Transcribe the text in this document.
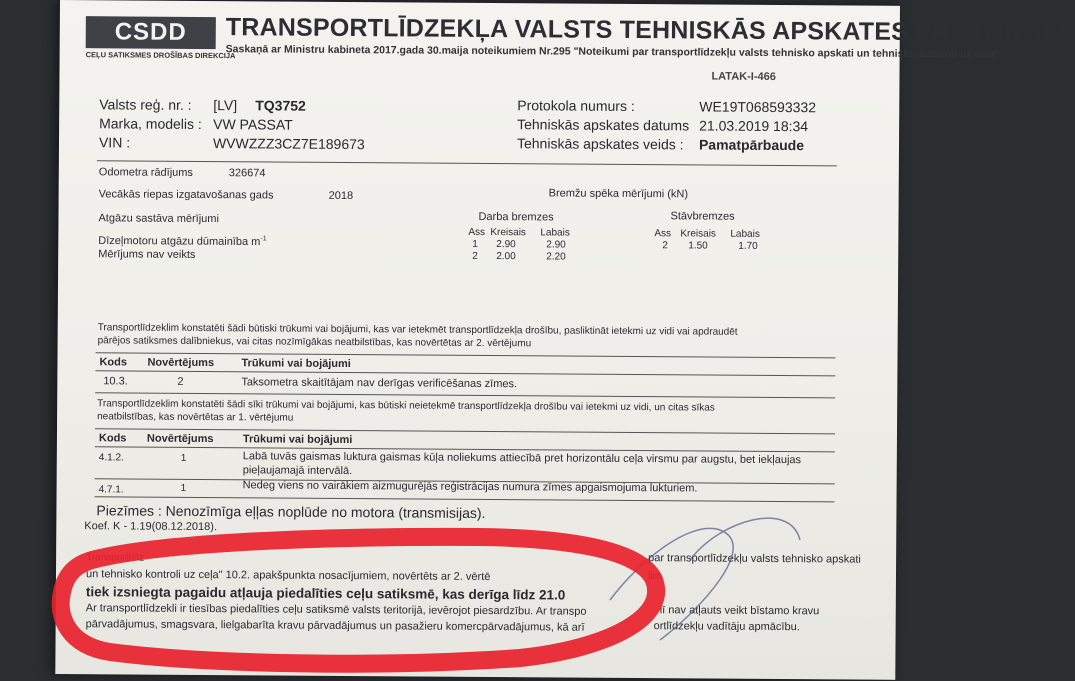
CSDD
CEĻU SATIKSMES DROŠĪBAS DIREKCIJA
TRANSPORTLĪDZEKĻA VALSTS TEHNISKĀS APSKATES PROTOKOLS
Saskaņā ar Ministru kabineta 2017.gada 30.maija noteikumiem Nr.295 "Noteikumi par transportlīdzekļu valsts tehnisko apskati un tehnisko kontroli uz ceļa"
LATAK-I-466
Valsts reģ. nr. : [LV] TQ3752
Marka, modelis : VW PASSAT
VIN :	WVWZZZ3CZ7E189673
Protokola numurs :	WE19T068593332
Tehniskās apskates datums 21.03.2019 18:34
Tehniskās apskates veids : Pamatpārbaude
Odometra rādījums	326674
Vecākās riepas izgatavošanas gads	2018
Atgāzu sastāva mērījumi
Dīzeļmotoru atgāzu dūmainība $m^{-1}$
Mērījums nav veikts
Bremžu spēka mērījumi (kN)
Darba bremzes	Stāvbremzes
Ass Kreisais Labais
1 2.90	2.90
2 2.00	2.20
Ass Kreisais Labais
2 1.50	1.70
Transportlīdzeklim konstatēti šādi būtiski trūkumi vai bojājumi, kas var ietekmēt transportlīdzekļa drošību, pasliktināt ietekmi uz vidi vai apdraudēt
pārējos satiksmes dalībniekus, vai citas nozīmīgākas neatbilstības, kas novērtētas ar 2. vērtējumu
Kods Novērtējums Trūkumi vai bojājumi
10.3.	2	Taksometra skaitītājam nav derīgas verificēšanas zīmes.
Transportlīdzeklim konstatēti šādi sīki trūkumi vai bojājumi, kas būtiski neietekmē transportlīdzekļa drošību vai ietekmi uz vidi, un citas sīkas
neatbilstības, kas novērtētas ar 1. vērtējumu
Kods Novērtējums	Trūkumi vai bojājumi
4.1.2.	1	Labā tuvās gaismas luktura gaismas kūļa noliekums attiecībā pret horizontālu ceļa virsmu par augstu, bet iekļaujas
pieļaujamajā intervālā.
4.7.1.	1	Nedeg viens no vairākiem aizmugurējās reģistrācijas numura zīmes apgaismojuma lukturiem.
Piezīmes : Nenozīmīga eļļas noplūde no motora (transmisijas).
Koef. K - 1.19(08.12.2018).
Transportlīdz	par transportlīdzekļu valsts tehnisko apskati
un tehnisko kontroli uz ceļa" 10.2. apakšpunkta nosacījumiem, novērtēts ar 2. vērtē	lim
tiek izsniegta pagaidu atļauja piedalīties ceļu satiksmē, kas derīga līdz 21.0
Ar transportlīdzekli ir tiesības piedalīties ceļu satiksmē valsts teritorijā, ievērojot piesardzību. Ar transpo	lī nav atļauts veikt bīstamo kravu
pārvadājumus, smagsvara, lielgabarīta kravu pārvadājumus un pasažieru komercpārvadājumus, kā arī	ortlīdzekļu vadītāju apmācību.
